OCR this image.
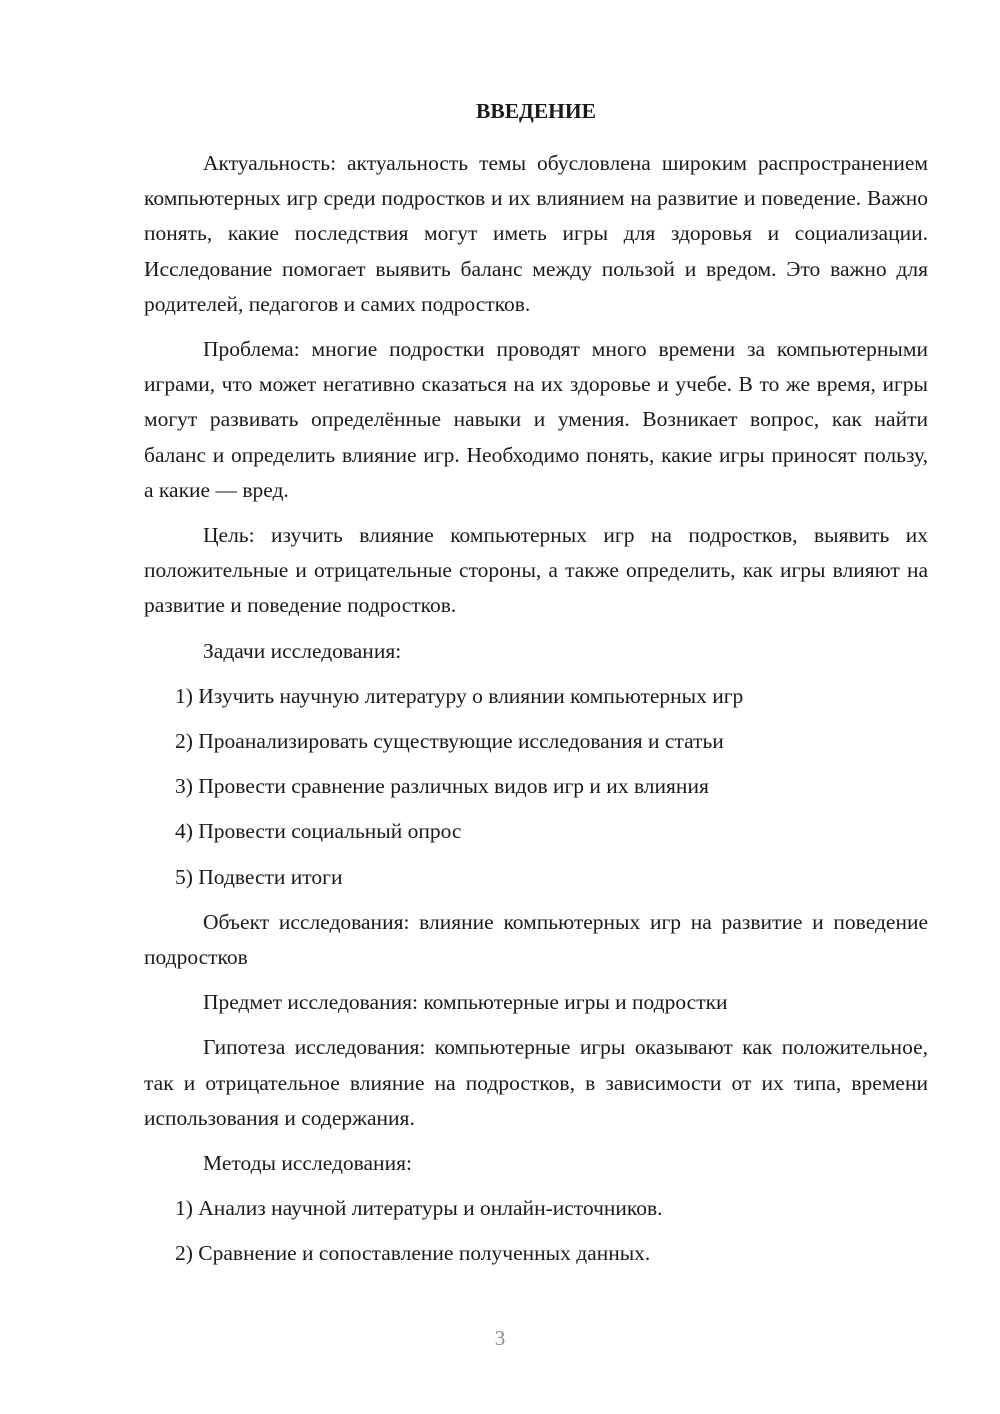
ВВЕДЕНИЕ

Актуальность: актуальность темы обусловлена широким распространением компьютерных игр среди подростков и их влиянием на развитие и поведение. Важно понять, какие последствия могут иметь игры для здоровья и социализации. Исследование помогает выявить баланс между пользой и вредом. Это важно для родителей, педагогов и самих подростков.

Проблема: многие подростки проводят много времени за компьютерными играми, что может негативно сказаться на их здоровье и учебе. В то же время, игры могут развивать определённые навыки и умения. Возникает вопрос, как найти баланс и определить влияние игр. Необходимо понять, какие игры приносят пользу, а какие — вред.

Цель: изучить влияние компьютерных игр на подростков, выявить их положительные и отрицательные стороны, а также определить, как игры влияют на развитие и поведение подростков.

Задачи исследования:

1) Изучить научную литературу о влиянии компьютерных игр
2) Проанализировать существующие исследования и статьи
3) Провести сравнение различных видов игр и их влияния
4) Провести социальный опрос
5) Подвести итоги

Объект исследования: влияние компьютерных игр на развитие и поведение подростков

Предмет исследования: компьютерные игры и подростки

Гипотеза исследования: компьютерные игры оказывают как положительное, так и отрицательное влияние на подростков, в зависимости от их типа, времени использования и содержания.

Методы исследования:

1) Анализ научной литературы и онлайн-источников.
2) Сравнение и сопоставление полученных данных.
3
